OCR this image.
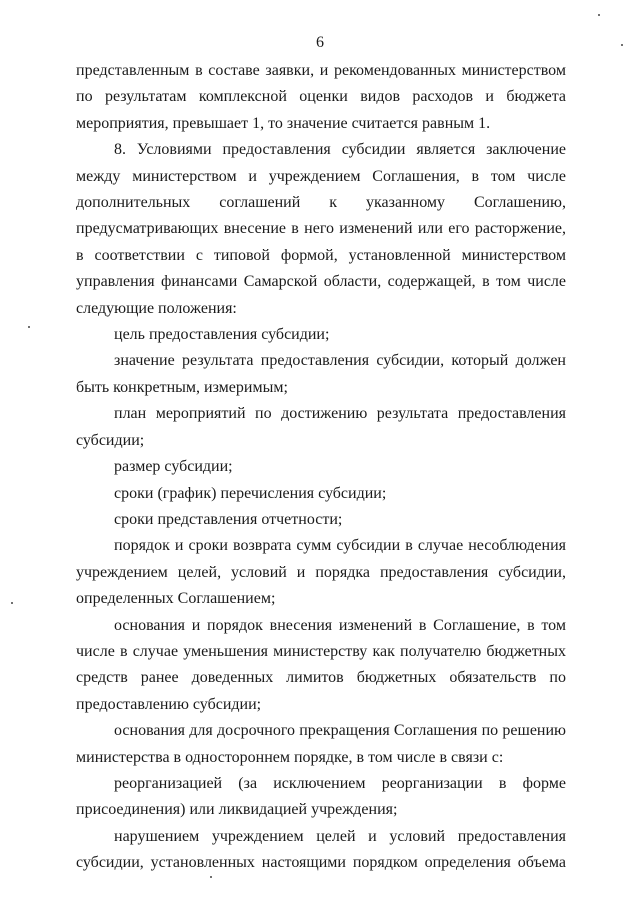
6

представленным в составе заявки, и рекомендованных министерством по результатам комплексной оценки видов расходов и бюджета мероприятия, превышает 1, то значение считается равным 1.

8. Условиями предоставления субсидии является заключение между министерством и учреждением Соглашения, в том числе дополнительных соглашений к указанному Соглашению, предусматривающих внесение в него изменений или его расторжение, в соответствии с типовой формой, установленной министерством управления финансами Самарской области, содержащей, в том числе следующие положения:

цель предоставления субсидии;

значение результата предоставления субсидии, который должен быть конкретным, измеримым;

план мероприятий по достижению результата предоставления субсидии;

размер субсидии;

сроки (график) перечисления субсидии;

сроки представления отчетности;

порядок и сроки возврата сумм субсидии в случае несоблюдения учреждением целей, условий и порядка предоставления субсидии, определенных Соглашением;

основания и порядок внесения изменений в Соглашение, в том числе в случае уменьшения министерству как получателю бюджетных средств ранее доведенных лимитов бюджетных обязательств по предоставлению субсидии;

основания для досрочного прекращения Соглашения по решению министерства в одностороннем порядке, в том числе в связи с:

реорганизацией (за исключением реорганизации в форме присоединения) или ликвидацией учреждения;

нарушением учреждением целей и условий предоставления субсидии, установленных настоящими порядком определения объема
